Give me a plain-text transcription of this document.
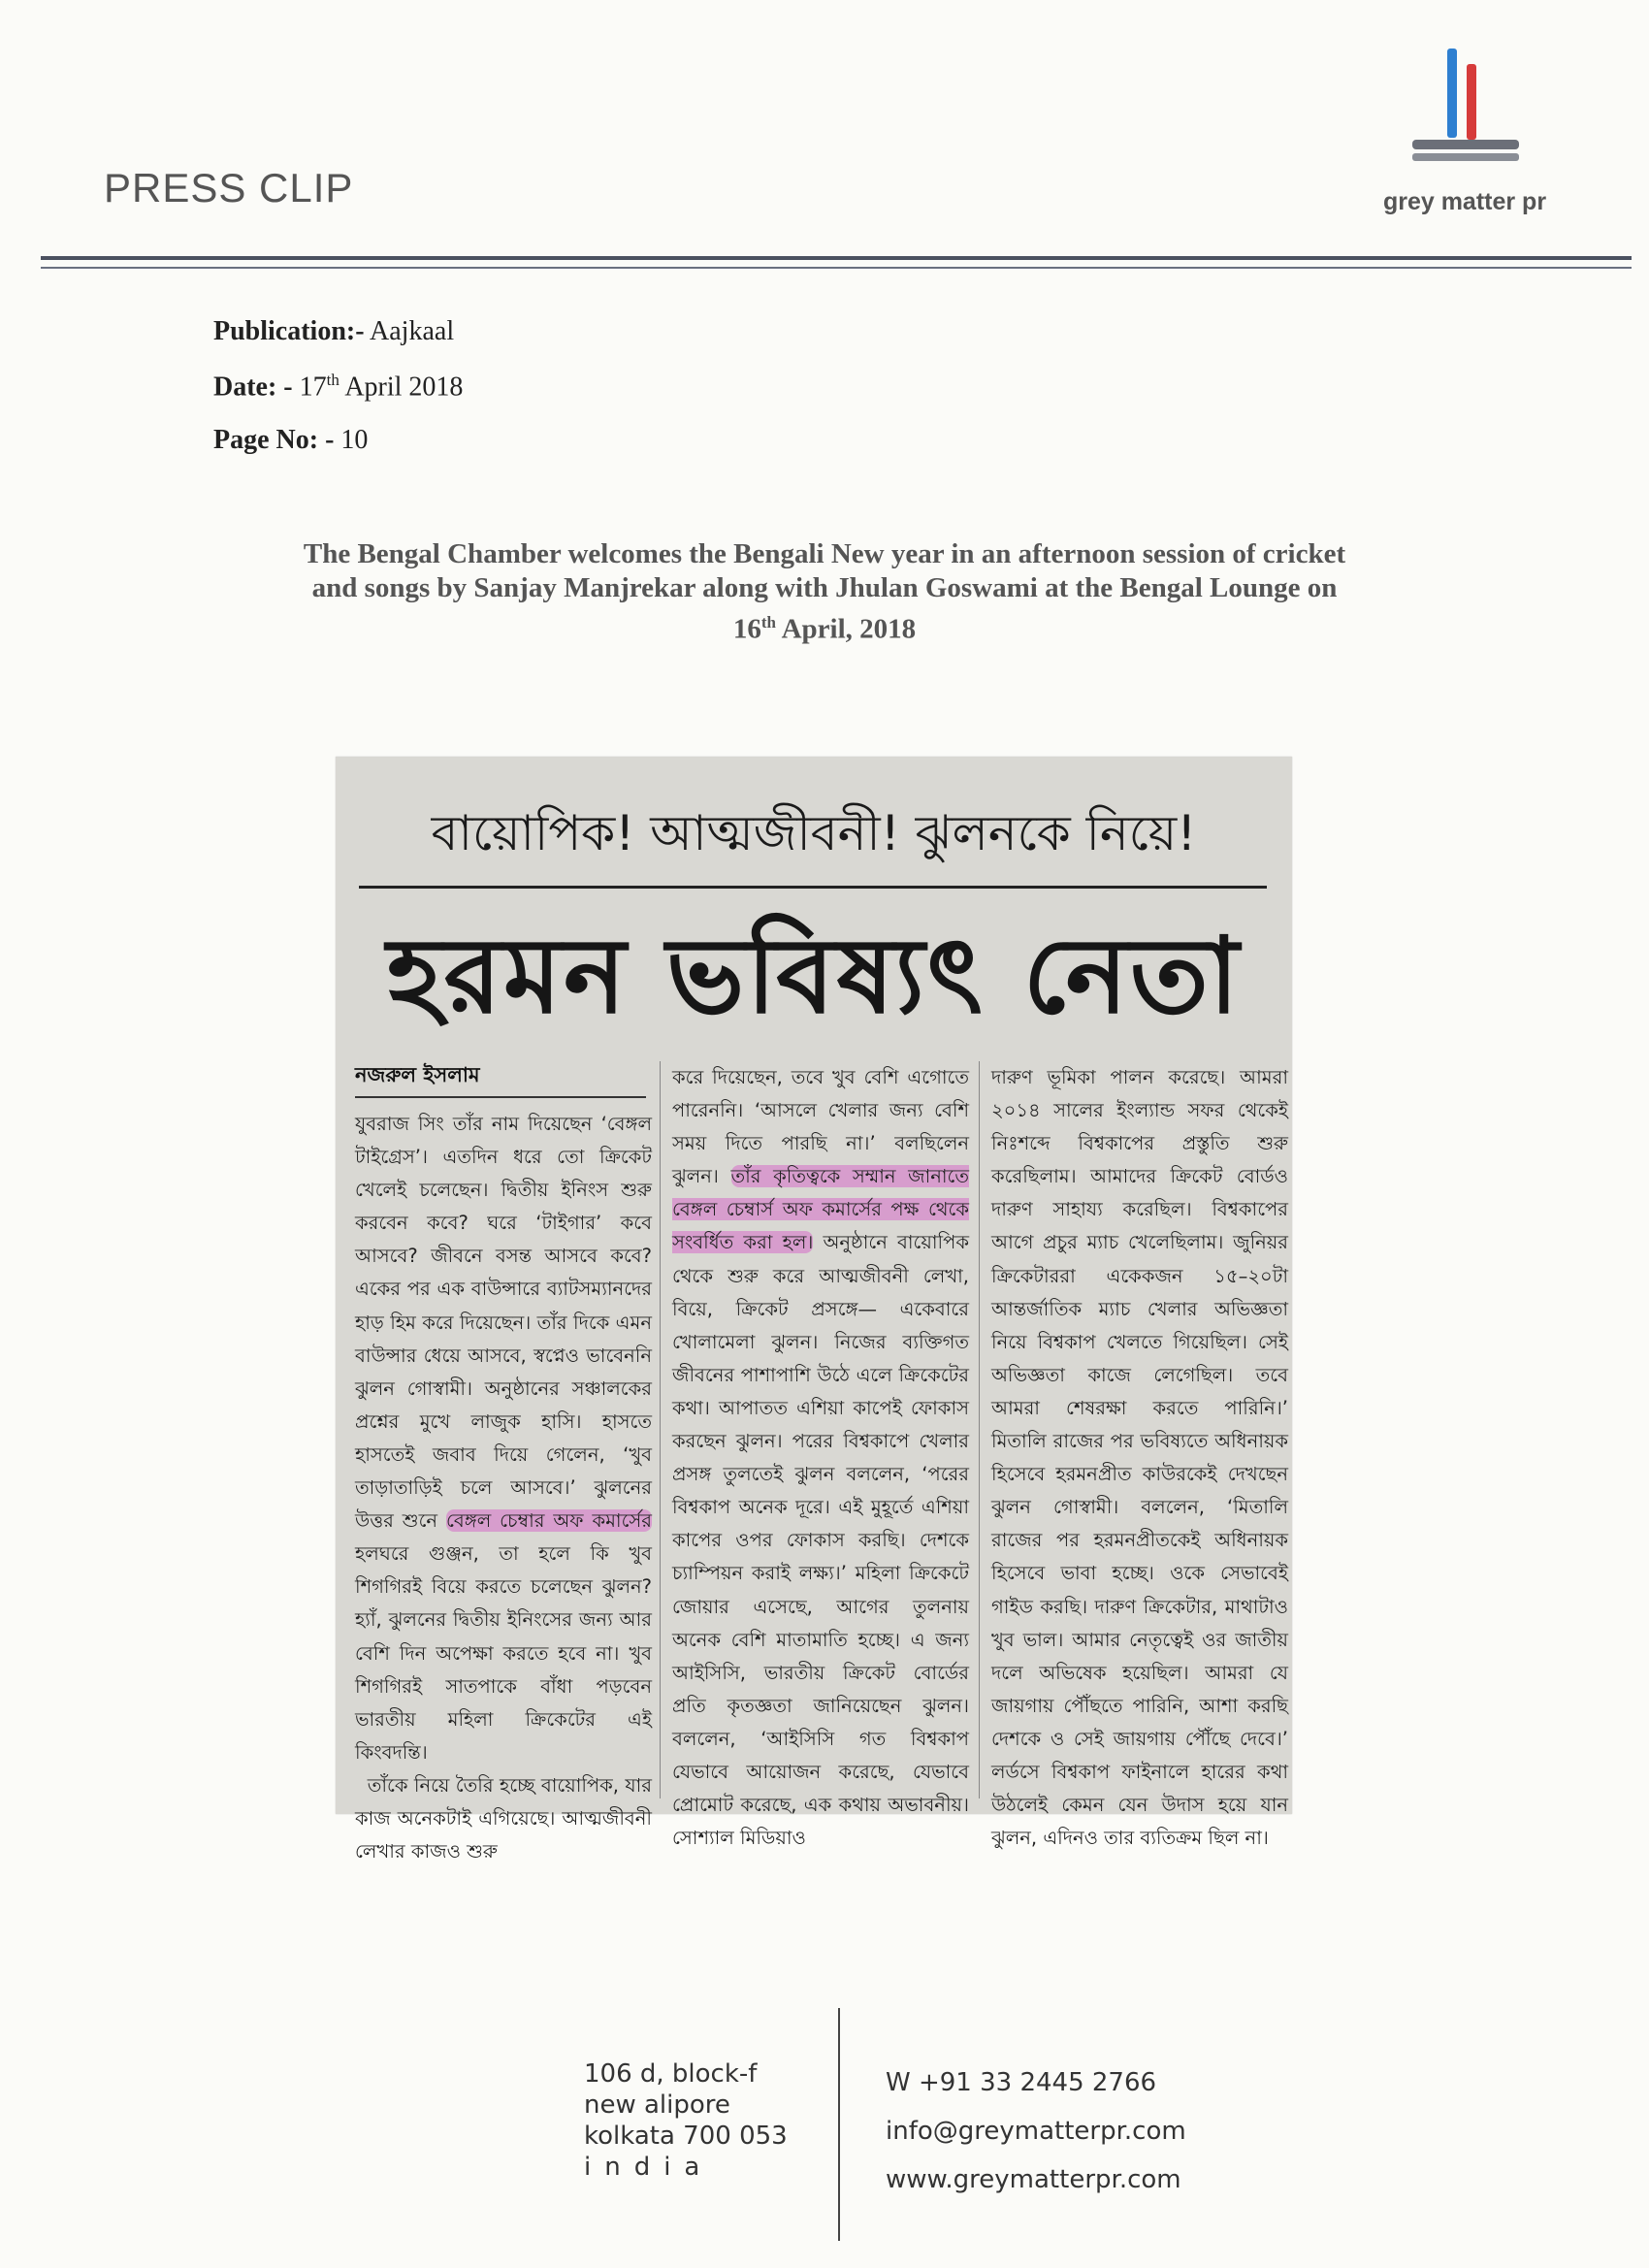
PRESS CLIP	grey matter pr
Publication:- Aajkaal
Date: - 17th April 2018
Page No: - 10
The Bengal Chamber welcomes the Bengali New year in an afternoon session of cricket
and songs by Sanjay Manjrekar along with Jhulan Goswami at the Bengal Lounge on
16th April, 2018
বায়োপিক! আত্মজীবনী! ঝুলনকে নিয়ে!
হরমন ভবিষ্যৎ নেতা
নজরুল ইসলাম
যুবরাজ সিং তাঁর নাম দিয়েছেন ‘বেঙ্গল টাইগ্রেস’। এতদিন ধরে তো ক্রিকেট খেলেই চলেছেন। দ্বিতীয় ইনিংস শুরু করবেন কবে? ঘরে ‘টাইগার’ কবে আসবে? জীবনে বসন্ত আসবে কবে? একের পর এক বাউন্সারে ব্যাটসম্যানদের হাড় হিম করে দিয়েছেন। তাঁর দিকে এমন বাউন্সার ধেয়ে আসবে, স্বপ্নেও ভাবেননি ঝুলন গোস্বামী। অনুষ্ঠানের সঞ্চালকের প্রশ্নের মুখে লাজুক হাসি। হাসতে হাসতেই জবাব দিয়ে গেলেন, ‘খুব তাড়াতাড়িই চলে আসবে।’ ঝুলনের উত্তর শুনে বেঙ্গল চেম্বার অফ কমার্সের হলঘরে গুঞ্জন, তা হলে কি খুব শিগগিরই বিয়ে করতে চলেছেন ঝুলন? হ্যাঁ, ঝুলনের দ্বিতীয় ইনিংসের জন্য আর বেশি দিন অপেক্ষা করতে হবে না। খুব শিগগিরই সাতপাকে বাঁধা পড়বেন ভারতীয় মহিলা ক্রিকেটের এই কিংবদন্তি।
তাঁকে নিয়ে তৈরি হচ্ছে বায়োপিক, যার কাজ অনেকটাই এগিয়েছে। আত্মজীবনী লেখার কাজও শুরু
করে দিয়েছেন, তবে খুব বেশি এগোতে পারেননি। ‘আসলে খেলার জন্য বেশি সময় দিতে পারছি না।’ বলছিলেন ঝুলন। তাঁর কৃতিত্বকে সম্মান জানাতে বেঙ্গল চেম্বার্স অফ কমার্সের পক্ষ থেকে সংবর্ধিত করা হল। অনুষ্ঠানে বায়োপিক থেকে শুরু করে আত্মজীবনী লেখা, বিয়ে, ক্রিকেট প্রসঙ্গে— একেবারে খোলামেলা ঝুলন। নিজের ব্যক্তিগত জীবনের পাশাপাশি উঠে এলে ক্রিকেটের কথা। আপাতত এশিয়া কাপেই ফোকাস করছেন ঝুলন। পরের বিশ্বকাপে খেলার প্রসঙ্গ তুলতেই ঝুলন বললেন, ‘পরের বিশ্বকাপ অনেক দূরে। এই মুহূর্তে এশিয়া কাপের ওপর ফোকাস করছি। দেশকে চ্যাম্পিয়ন করাই লক্ষ্য।’ মহিলা ক্রিকেটে জোয়ার এসেছে, আগের তুলনায় অনেক বেশি মাতামাতি হচ্ছে। এ জন্য আইসিসি, ভারতীয় ক্রিকেট বোর্ডের প্রতি কৃতজ্ঞতা জানিয়েছেন ঝুলন। বললেন, ‘আইসিসি গত বিশ্বকাপ যেভাবে আয়োজন করেছে, যেভাবে প্রোমোট করেছে, এক কথায় অভাবনীয়। সোশ্যাল মিডিয়াও
দারুণ ভূমিকা পালন করেছে। আমরা ২০১৪ সালের ইংল্যান্ড সফর থেকেই নিঃশব্দে বিশ্বকাপের প্রস্তুতি শুরু করেছিলাম। আমাদের ক্রিকেট বোর্ডও দারুণ সাহায্য করেছিল। বিশ্বকাপের আগে প্রচুর ম্যাচ খেলেছিলাম। জুনিয়র ক্রিকেটাররা একেকজন ১৫–২০টা আন্তর্জাতিক ম্যাচ খেলার অভিজ্ঞতা নিয়ে বিশ্বকাপ খেলতে গিয়েছিল। সেই অভিজ্ঞতা কাজে লেগেছিল। তবে আমরা শেষরক্ষা করতে পারিনি।’ মিতালি রাজের পর ভবিষ্যতে অধিনায়ক হিসেবে হরমনপ্রীত কাউরকেই দেখছেন ঝুলন গোস্বামী। বললেন, ‘মিতালি রাজের পর হরমনপ্রীতকেই অধিনায়ক হিসেবে ভাবা হচ্ছে। ওকে সেভাবেই গাইড করছি। দারুণ ক্রিকেটার, মাথাটাও খুব ভাল। আমার নেতৃত্বেই ওর জাতীয় দলে অভিষেক হয়েছিল। আমরা যে জায়গায় পৌঁছতে পারিনি, আশা করছি দেশকে ও সেই জায়গায় পৌঁছে দেবে।’ লর্ডসে বিশ্বকাপ ফাইনালে হারের কথা উঠলেই কেমন যেন উদাস হয়ে যান ঝুলন, এদিনও তার ব্যতিক্রম ছিল না।
106 d, block-f
new alipore
kolkata 700 053
india
W +91 33 2445 2766
info@greymatterpr.com
www.greymatterpr.com
